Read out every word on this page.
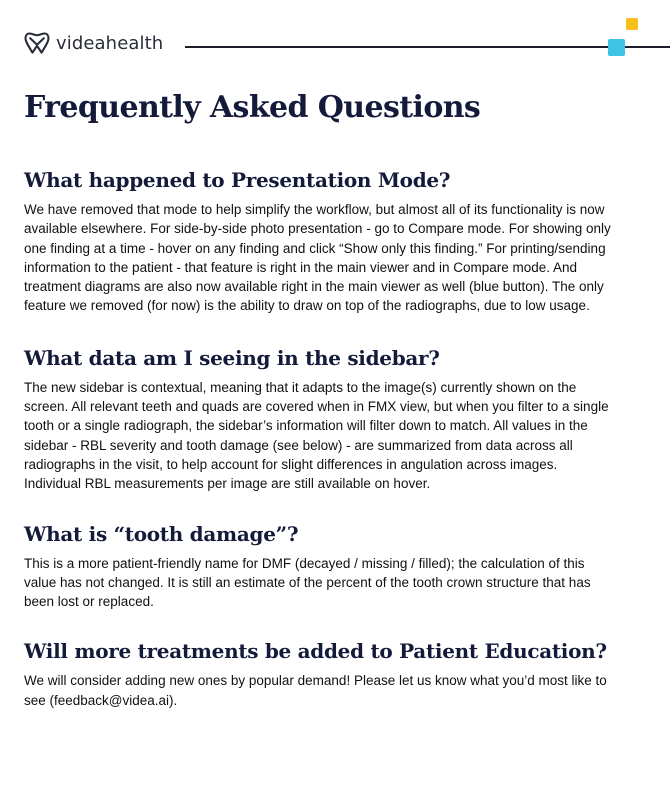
videahealth
Frequently Asked Questions
What happened to Presentation Mode?

We have removed that mode to help simplify the workflow, but almost all of its functionality is now available elsewhere. For side-by-side photo presentation - go to Compare mode. For showing only one finding at a time - hover on any finding and click “Show only this finding.” For printing/sending information to the patient - that feature is right in the main viewer and in Compare mode. And treatment diagrams are also now available right in the main viewer as well (blue button). The only feature we removed (for now) is the ability to draw on top of the radiographs, due to low usage.

What data am I seeing in the sidebar?

The new sidebar is contextual, meaning that it adapts to the image(s) currently shown on the screen. All relevant teeth and quads are covered when in FMX view, but when you filter to a single tooth or a single radiograph, the sidebar’s information will filter down to match. All values in the sidebar - RBL severity and tooth damage (see below) - are summarized from data across all radiographs in the visit, to help account for slight differences in angulation across images. Individual RBL measurements per image are still available on hover.

What is “tooth damage”?

This is a more patient-friendly name for DMF (decayed / missing / filled); the calculation of this value has not changed. It is still an estimate of the percent of the tooth crown structure that has been lost or replaced.

Will more treatments be added to Patient Education?

We will consider adding new ones by popular demand! Please let us know what you’d most like to see (feedback@videa.ai).
